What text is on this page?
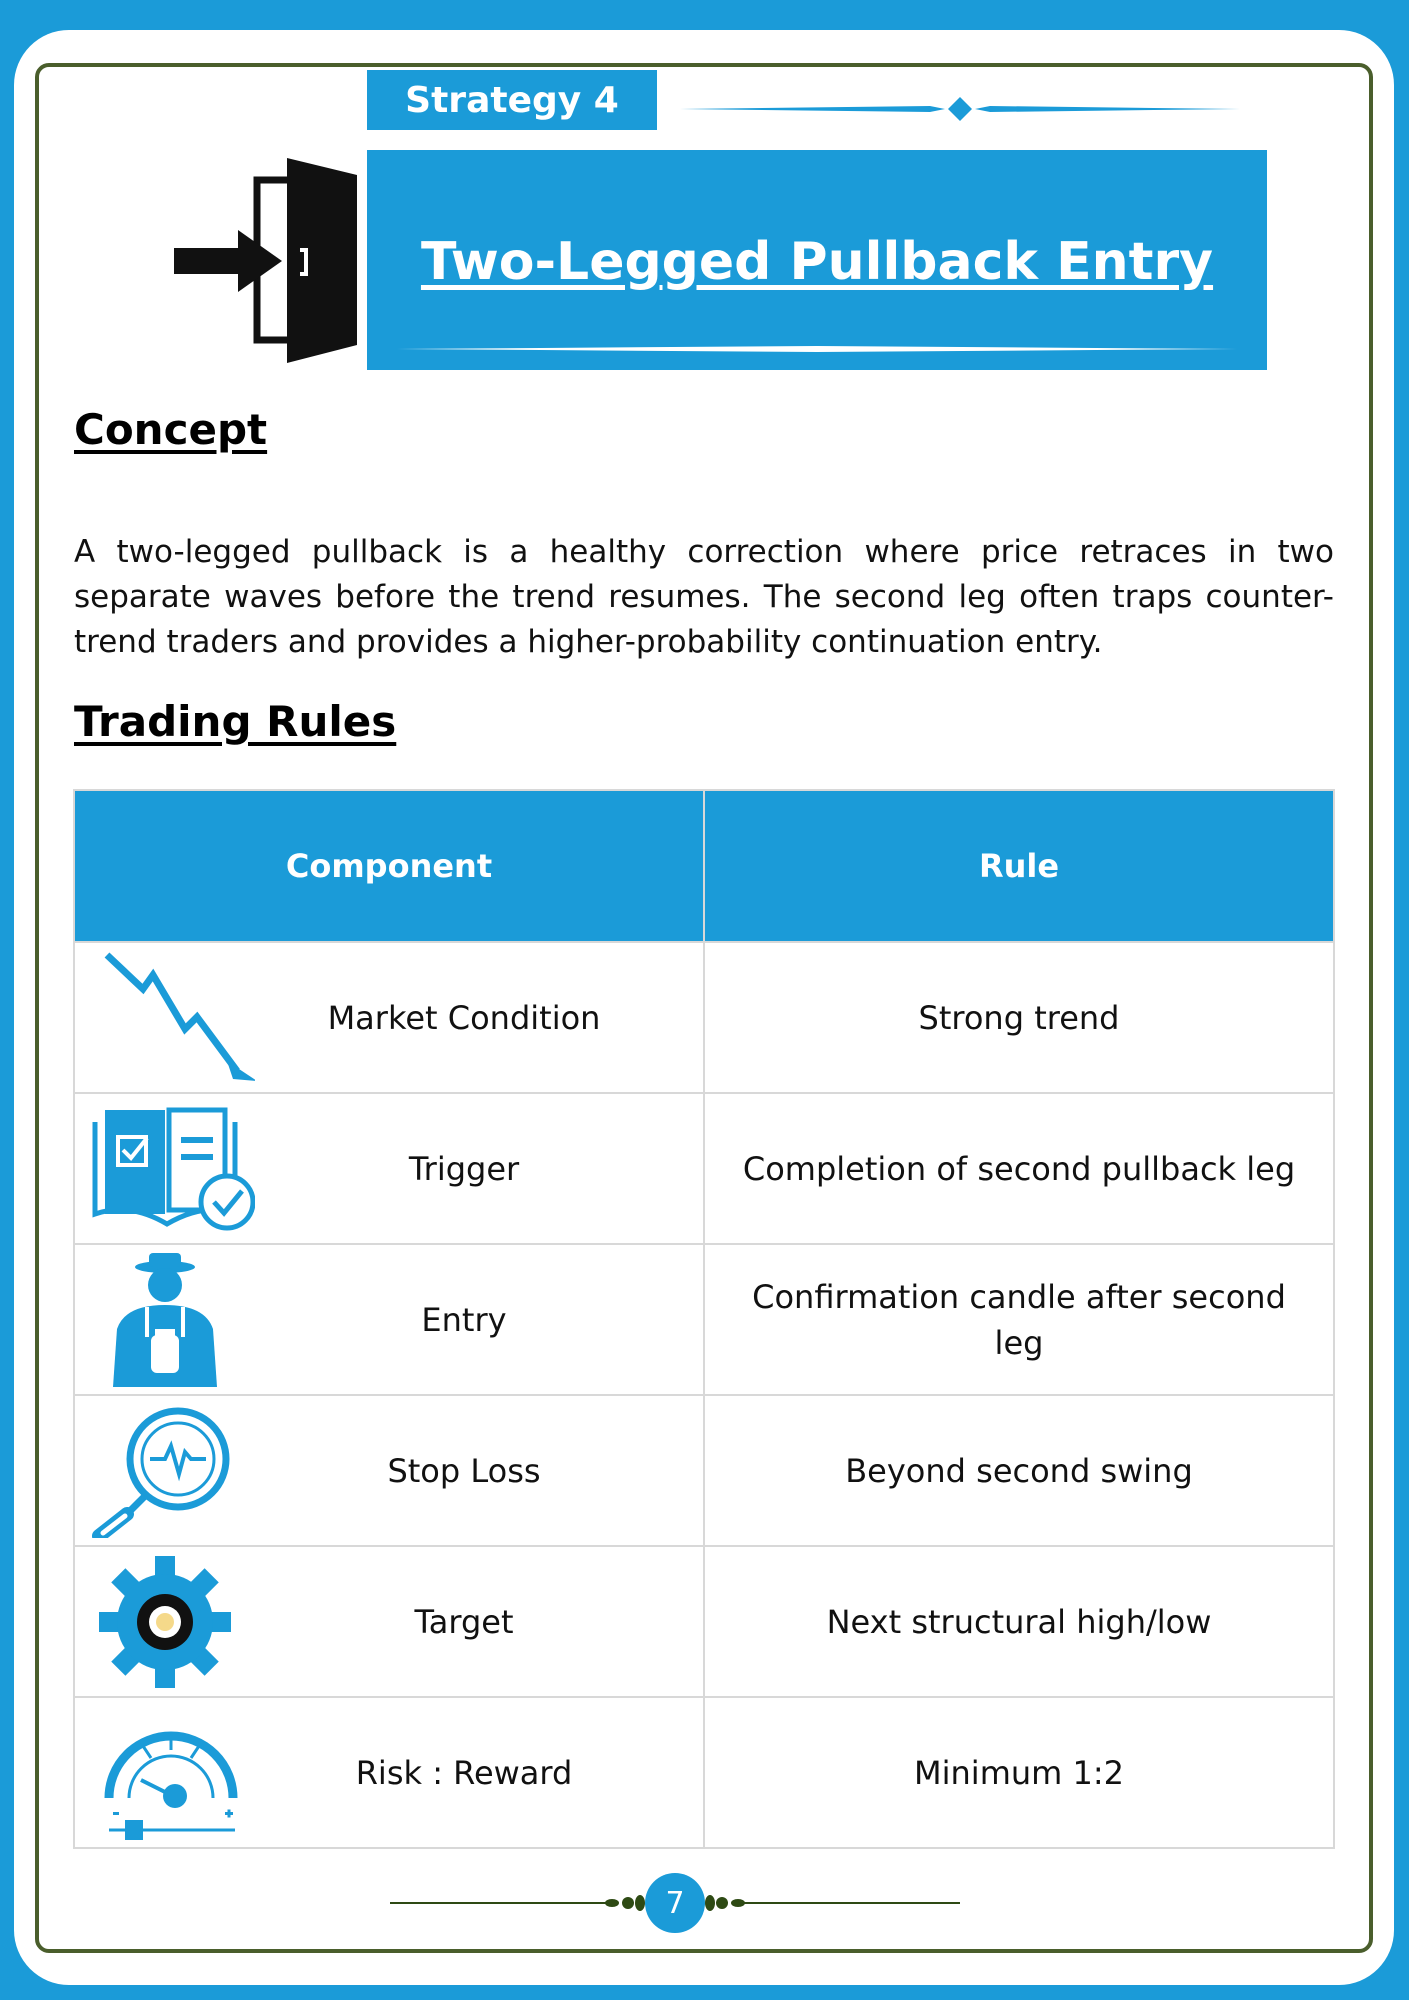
Strategy 4
Two-Legged Pullback Entry
Concept

A two-legged pullback is a healthy correction where price retraces in two separate waves before the trend resumes. The second leg often traps counter-trend traders and provides a higher-probability continuation entry.

Trading Rules
Component	Rule

Market Condition	Strong trend

Trigger	Completion of second pullback leg

Entry	Confirmation candle after second leg

Stop Loss	Beyond second swing

Target	Next structural high/low

Risk : Reward	Minimum 1:2
7
